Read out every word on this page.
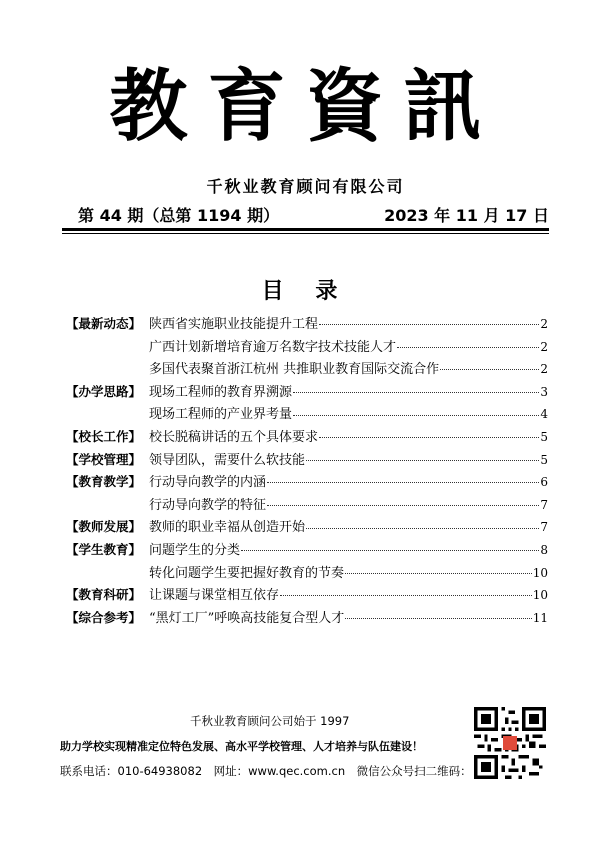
教育資訊
千秋业教育顾问有限公司
第 44 期（总第 1194 期）	2023 年 11 月 17 日
目 录
【最新动态】 陕西省实施职业技能提升工程	2
广西计划新增培育逾万名数字技术技能人才	2
多国代表聚首浙江杭州 共推职业教育国际交流合作	2
【办学思路】 现场工程师的教育界溯源	3
现场工程师的产业界考量	4
【校长工作】 校长脱稿讲话的五个具体要求	5
【学校管理】 领导团队，需要什么软技能	5
【教育教学】 行动导向教学的内涵	6
行动导向教学的特征	7
【教师发展】 教师的职业幸福从创造开始	7
【学生教育】 问题学生的分类	8
转化问题学生要把握好教育的节奏	10
【教育科研】 让课题与课堂相互依存	10
【综合参考】 “黑灯工厂”呼唤高技能复合型人才	11
千秋业教育顾问公司始于 1997
助力学校实现精准定位特色发展、高水平学校管理、人才培养与队伍建设！
联系电话：010-64938082　网址：www.qec.com.cn　微信公众号扫二维码：
